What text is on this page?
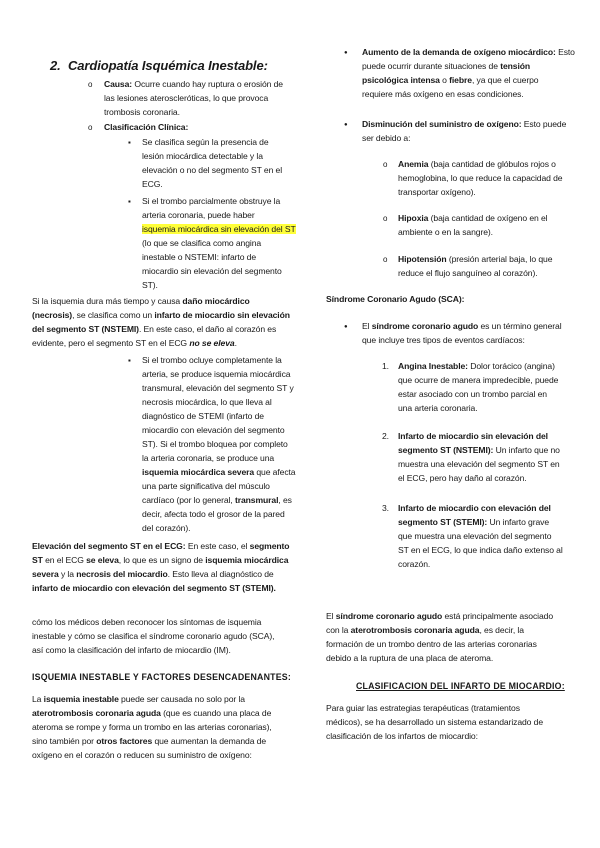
2. Cardiopatía Isquémica Inestable:
o Causa: Ocurre cuando hay ruptura o erosión de
las lesiones ateroscleróticas, lo que provoca
trombosis coronaria.
o Clasificación Clínica:
▪ Se clasifica según la presencia de
lesión miocárdica detectable y la
elevación o no del segmento ST en el
ECG.
▪ Si el trombo parcialmente obstruye la
arteria coronaria, puede haber
isquemia miocárdica sin elevación del ST
(lo que se clasifica como angina
inestable o NSTEMI: infarto de
miocardio sin elevación del segmento
ST).
Si la isquemia dura más tiempo y causa daño miocárdico
(necrosis), se clasifica como un infarto de miocardio sin elevación
del segmento ST (NSTEMI). En este caso, el daño al corazón es
evidente, pero el segmento ST en el ECG no se eleva.
▪ Si el trombo ocluye completamente la
arteria, se produce isquemia miocárdica
transmural, elevación del segmento ST y
necrosis miocárdica, lo que lleva al
diagnóstico de STEMI (infarto de
miocardio con elevación del segmento
ST). Si el trombo bloquea por completo
la arteria coronaria, se produce una
isquemia miocárdica severa que afecta
una parte significativa del músculo
cardíaco (por lo general, transmural, es
decir, afecta todo el grosor de la pared
del corazón).
Elevación del segmento ST en el ECG: En este caso, el segmento
ST en el ECG se eleva, lo que es un signo de isquemia miocárdica
severa y la necrosis del miocardio. Esto lleva al diagnóstico de
infarto de miocardio con elevación del segmento ST (STEMI).
cómo los médicos deben reconocer los síntomas de isquemia
inestable y cómo se clasifica el síndrome coronario agudo (SCA),
así como la clasificación del infarto de miocardio (IM).
ISQUEMIA INESTABLE Y FACTORES DESENCADENANTES:
La isquemia inestable puede ser causada no solo por la
aterotrombosis coronaria aguda (que es cuando una placa de
ateroma se rompe y forma un trombo en las arterias coronarias),
sino también por otros factores que aumentan la demanda de
oxígeno en el corazón o reducen su suministro de oxígeno:
● Aumento de la demanda de oxígeno miocárdico: Esto
puede ocurrir durante situaciones de tensión
psicológica intensa o fiebre, ya que el cuerpo
requiere más oxígeno en esas condiciones.
● Disminución del suministro de oxígeno: Esto puede
ser debido a:
o Anemia (baja cantidad de glóbulos rojos o
hemoglobina, lo que reduce la capacidad de
transportar oxígeno).
o Hipoxia (baja cantidad de oxígeno en el
ambiente o en la sangre).
o Hipotensión (presión arterial baja, lo que
reduce el flujo sanguíneo al corazón).
Síndrome Coronario Agudo (SCA):
● El síndrome coronario agudo es un término general
que incluye tres tipos de eventos cardíacos:
1. Angina Inestable: Dolor torácico (angina)
que ocurre de manera impredecible, puede
estar asociado con un trombo parcial en
una arteria coronaria.
2. Infarto de miocardio sin elevación del
segmento ST (NSTEMI): Un infarto que no
muestra una elevación del segmento ST en
el ECG, pero hay daño al corazón.
3. Infarto de miocardio con elevación del
segmento ST (STEMI): Un infarto grave
que muestra una elevación del segmento
ST en el ECG, lo que indica daño extenso al
corazón.
El síndrome coronario agudo está principalmente asociado
con la aterotrombosis coronaria aguda, es decir, la
formación de un trombo dentro de las arterias coronarias
debido a la ruptura de una placa de ateroma.
CLASIFICACION DEL INFARTO DE MIOCARDIO:
Para guiar las estrategias terapéuticas (tratamientos
médicos), se ha desarrollado un sistema estandarizado de
clasificación de los infartos de miocardio:
